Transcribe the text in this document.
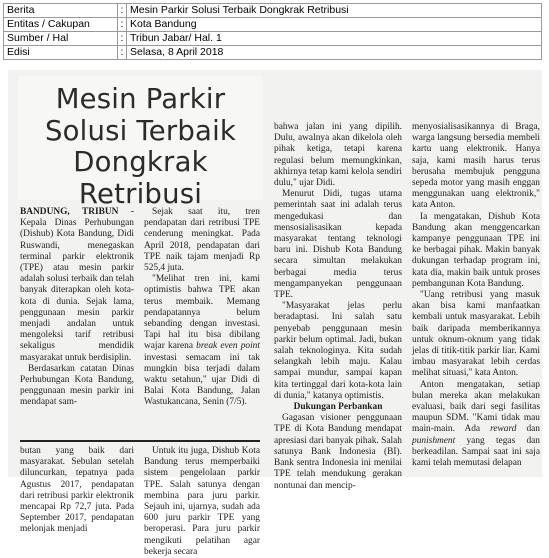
Berita	:	Mesin Parkir Solusi Terbaik Dongkrak Retribusi
Entitas / Cakupan	:	Kota Bandung
Sumber / Hal	:	Tribun Jabar/ Hal. 1
Edisi	:	Selasa, 8 April 2018
Mesin Parkir
Solusi Terbaik
Dongkrak
Retribusi

BANDUNG, TRIBUN - Kepala Dinas Perhubungan (Dishub) Kota Bandung, Didi Ruswandi, menegaskan terminal parkir elektronik (TPE) atau mesin parkir adalah solusi terbaik dan telah banyak diterapkan oleh kota-kota di dunia. Sejak lama, penggunaan mesin parkir menjadi andalan untuk mengoleksi tarif retribusi sekaligus mendidik masyarakat untuk berdisiplin.

Berdasarkan catatan Dinas Perhubungan Kota Bandung, penggunaan mesin parkir ini mendapat sam-

Sejak saat itu, tren pendapatan dari retribusi TPE cenderung meningkat. Pada April 2018, pendapatan dari TPE naik tajam menjadi Rp 525,4 juta.

"Melihat tren ini, kami optimistis bahwa TPE akan terus membaik. Memang pendapatannya belum sebanding dengan investasi. Tapi hal itu bisa dibilang wajar karena break even point investasi semacam ini tak mungkin bisa terjadi dalam waktu setahun," ujar Didi di Balai Kota Bandung, Jalan Wastukancana, Senin (7/5).

butan yang baik dari masyarakat. Sebulan setelah diluncurkan, tepatnya pada Agustus 2017, pendapatan dari retribusi parkir elektronik mencapai Rp 72,7 juta. Pada September 2017, pendapatan melonjak menjadi

Untuk itu juga, Dishub Kota Bandung terus memperbaiki sistem pengelolaan parkir TPE. Salah satunya dengan membina para juru parkir. Sejauh ini, ujarnya, sudah ada 600 juru parkir TPE yang beroperasi. Para juru parkir mengikuti pelatihan agar bekerja secara

bahwa jalan ini yang dipilih. Dulu, awalnya akan dikelola oleh pihak ketiga, tetapi karena regulasi belum memungkinkan, akhirnya tetap kami kelola sendiri dulu," ujar Didi.

Menurut Didi, tugas utama pemerintah saat ini adalah terus mengedukasi dan mensosialisasikan kepada masyarakat tentang teknologi baru ini. Dishub Kota Bandung secara simultan melakukan berbagai media terus mengampanyekan penggunaan TPE.

"Masyarakat jelas perlu beradaptasi. Ini salah satu penyebab penggunaan mesin parkir belum optimal. Jadi, bukan salah teknologinya. Kita sudah selangkah lebih maju. Kalau sampai mundur, sampai kapan kita tertinggal dari kota-kota lain di dunia," katanya optimistis.

Dukungan Perbankan

Gagasan visioner penggunaan TPE di Kota Bandung mendapat apresiasi dari banyak pihak. Salah satunya Bank Indonesia (BI). Bank sentra Indonesia ini menilai TPE telah mendukung gerakan nontunai dan mencip-

menyosialisasikannya di Braga, warga langsung bersedia membeli kartu uang elektronik. Hanya saja, kami masih harus terus berusaha membujuk pengguna sepeda motor yang masih enggan menggunakan uang elektronik," kata Anton.

Ia mengatakan, Dishub Kota Bandung akan menggencarkan kampanye penggunaan TPE ini ke berbagai pihak. Makin banyak dukungan terhadap program ini, kata dia, makin baik untuk proses pembangunan Kota Bandung.

"Uang retribusi yang masuk akan bisa kami manfaatkan kembali untuk masyarakat. Lebih baik daripada memberikannya untuk oknum-oknum yang tidak jelas di titik-titik parkir liar. Kami imbau masyarakat lebih cerdas melihat situasi," kata Anton.

Anton mengatakan, setiap bulan mereka akan melakukan evaluasi, baik dari segi fasilitas maupun SDM. "Kami tidak mau main-main. Ada reward dan punishment yang tegas dan berkeadilan. Sampai saat ini saja kami telah memutasi delapan
